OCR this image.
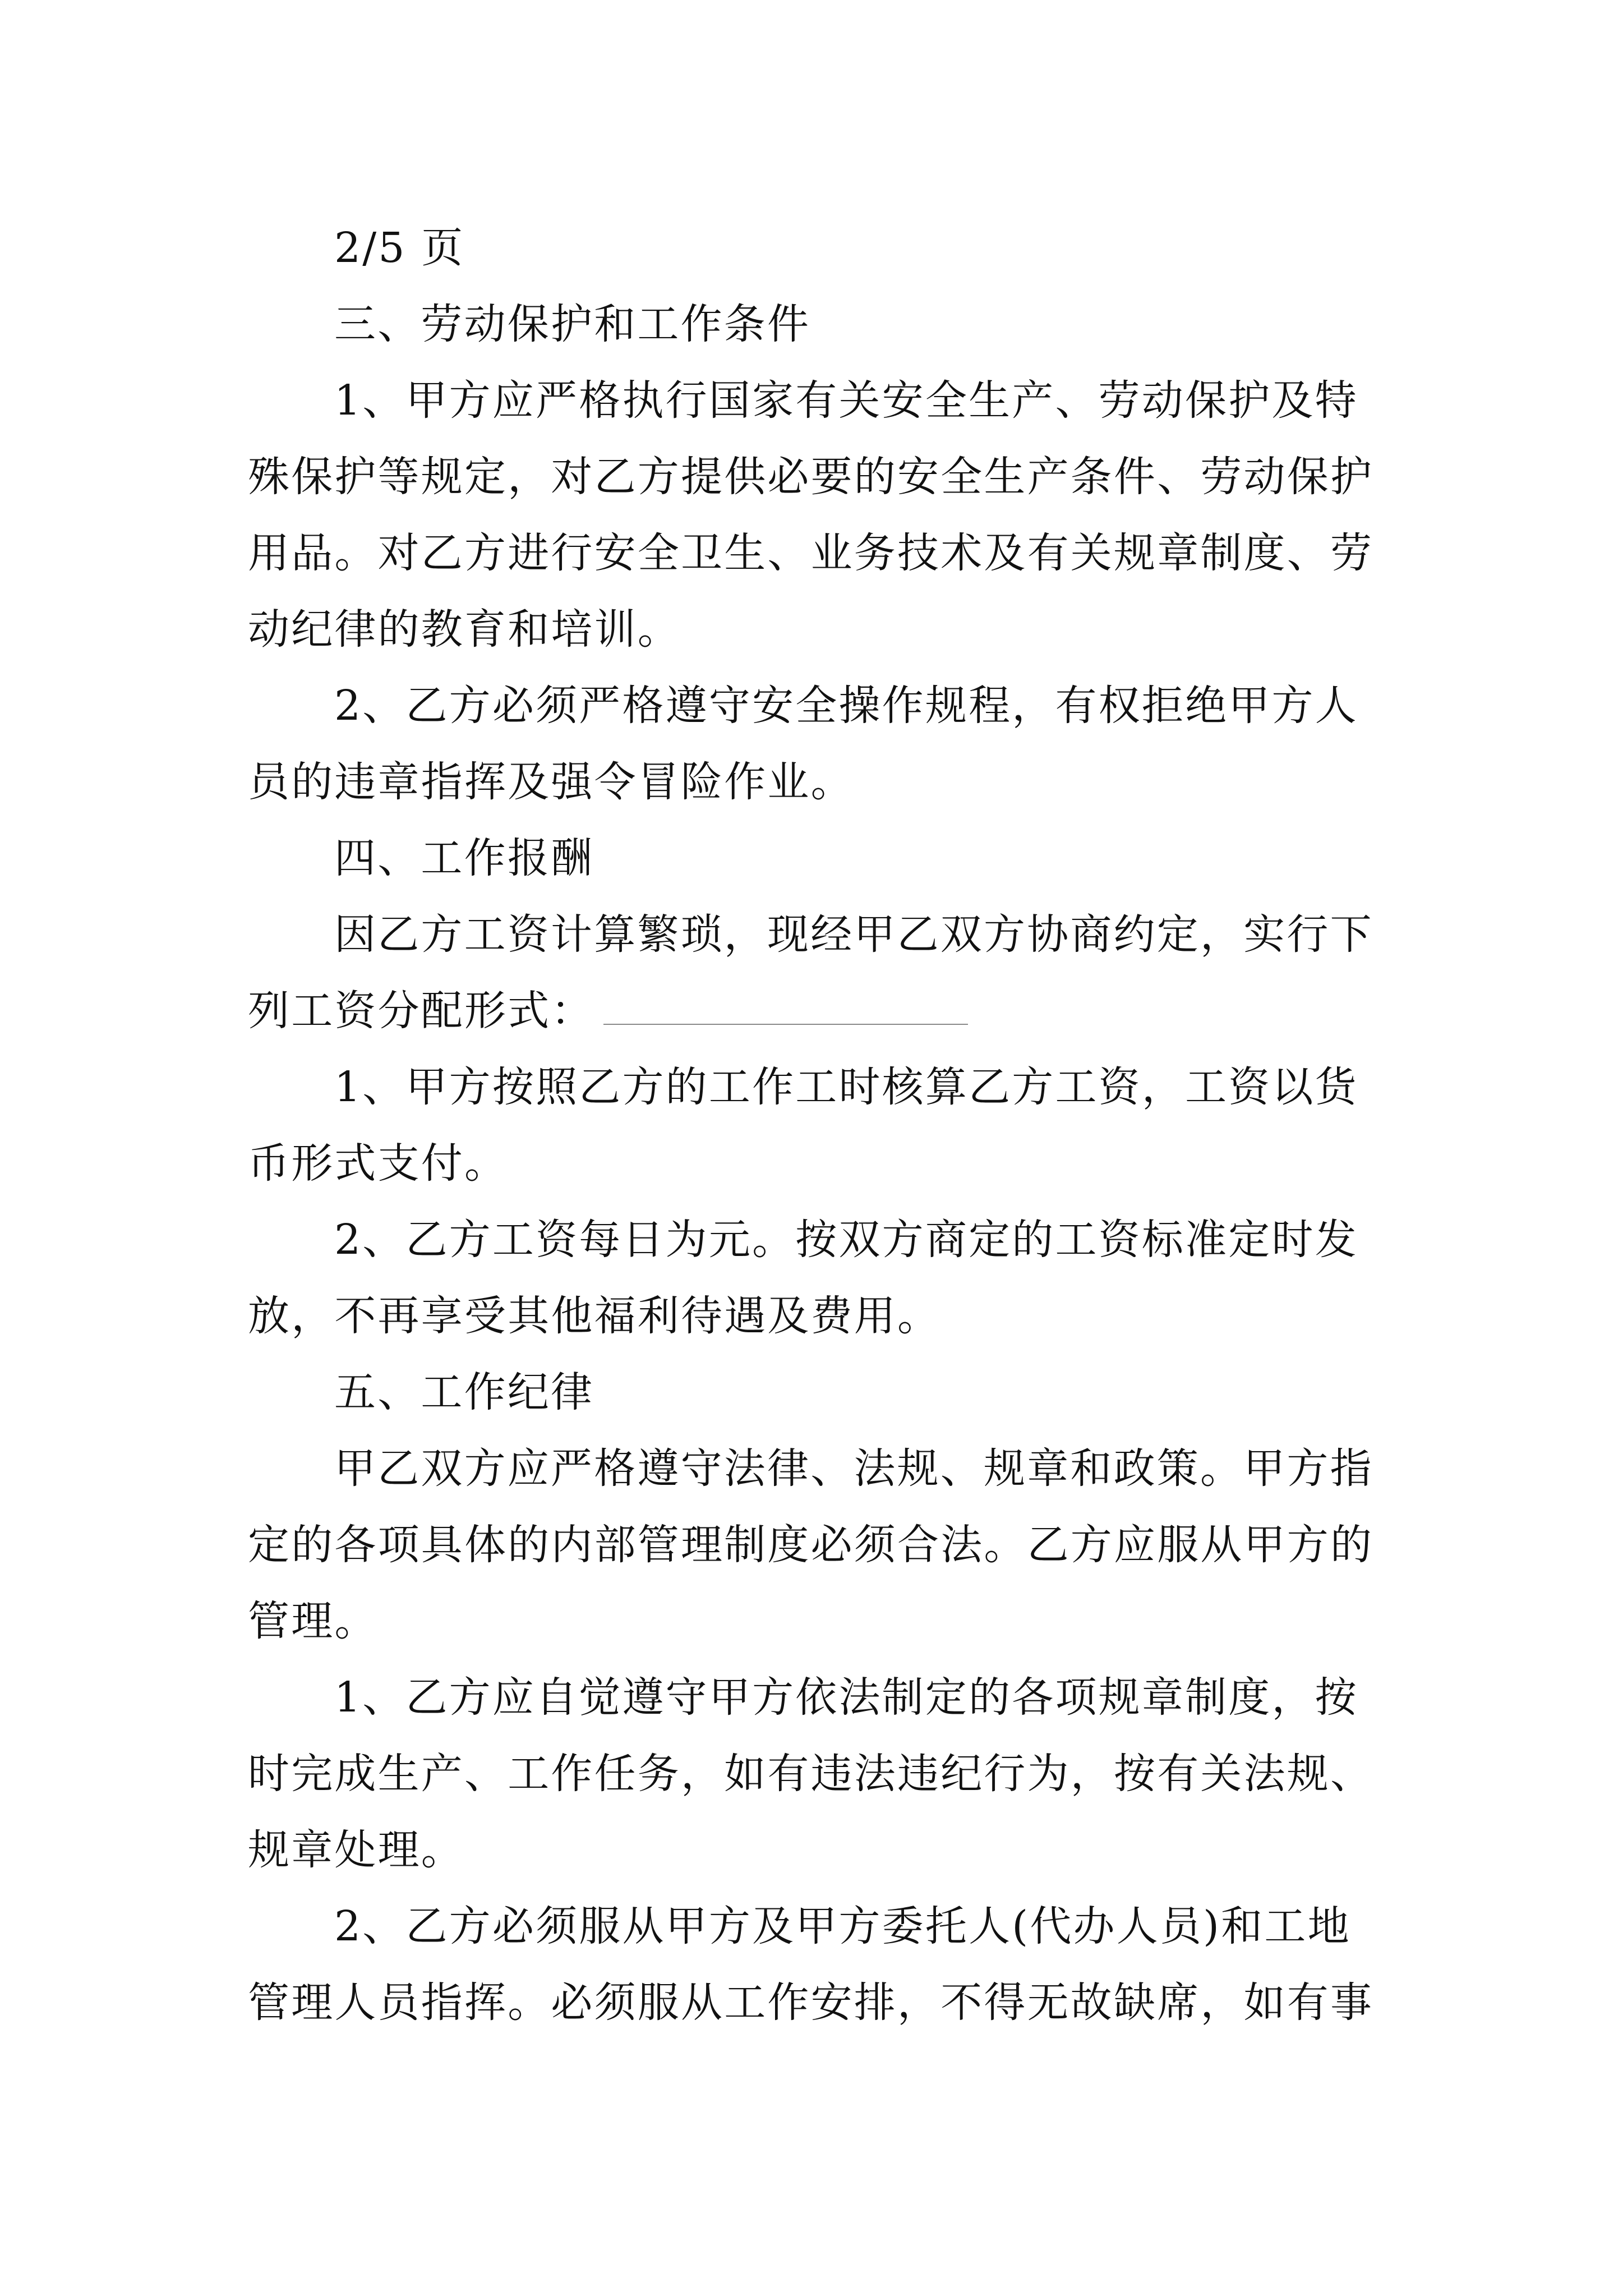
2/5 页
三、劳动保护和工作条件
1、甲方应严格执行国家有关安全生产、劳动保护及特
殊保护等规定，对乙方提供必要的安全生产条件、劳动保护
用品。对乙方进行安全卫生、业务技术及有关规章制度、劳
动纪律的教育和培训。
2、乙方必须严格遵守安全操作规程，有权拒绝甲方人
员的违章指挥及强令冒险作业。
四、工作报酬
因乙方工资计算繁琐，现经甲乙双方协商约定，实行下
列工资分配形式：
1、甲方按照乙方的工作工时核算乙方工资，工资以货
币形式支付。
2、乙方工资每日为元。按双方商定的工资标准定时发
放，不再享受其他福利待遇及费用。
五、工作纪律
甲乙双方应严格遵守法律、法规、规章和政策。甲方指
定的各项具体的内部管理制度必须合法。乙方应服从甲方的
管理。
1、乙方应自觉遵守甲方依法制定的各项规章制度，按
时完成生产、工作任务，如有违法违纪行为，按有关法规、
规章处理。
2、乙方必须服从甲方及甲方委托人(代办人员)和工地
管理人员指挥。必须服从工作安排，不得无故缺席，如有事
